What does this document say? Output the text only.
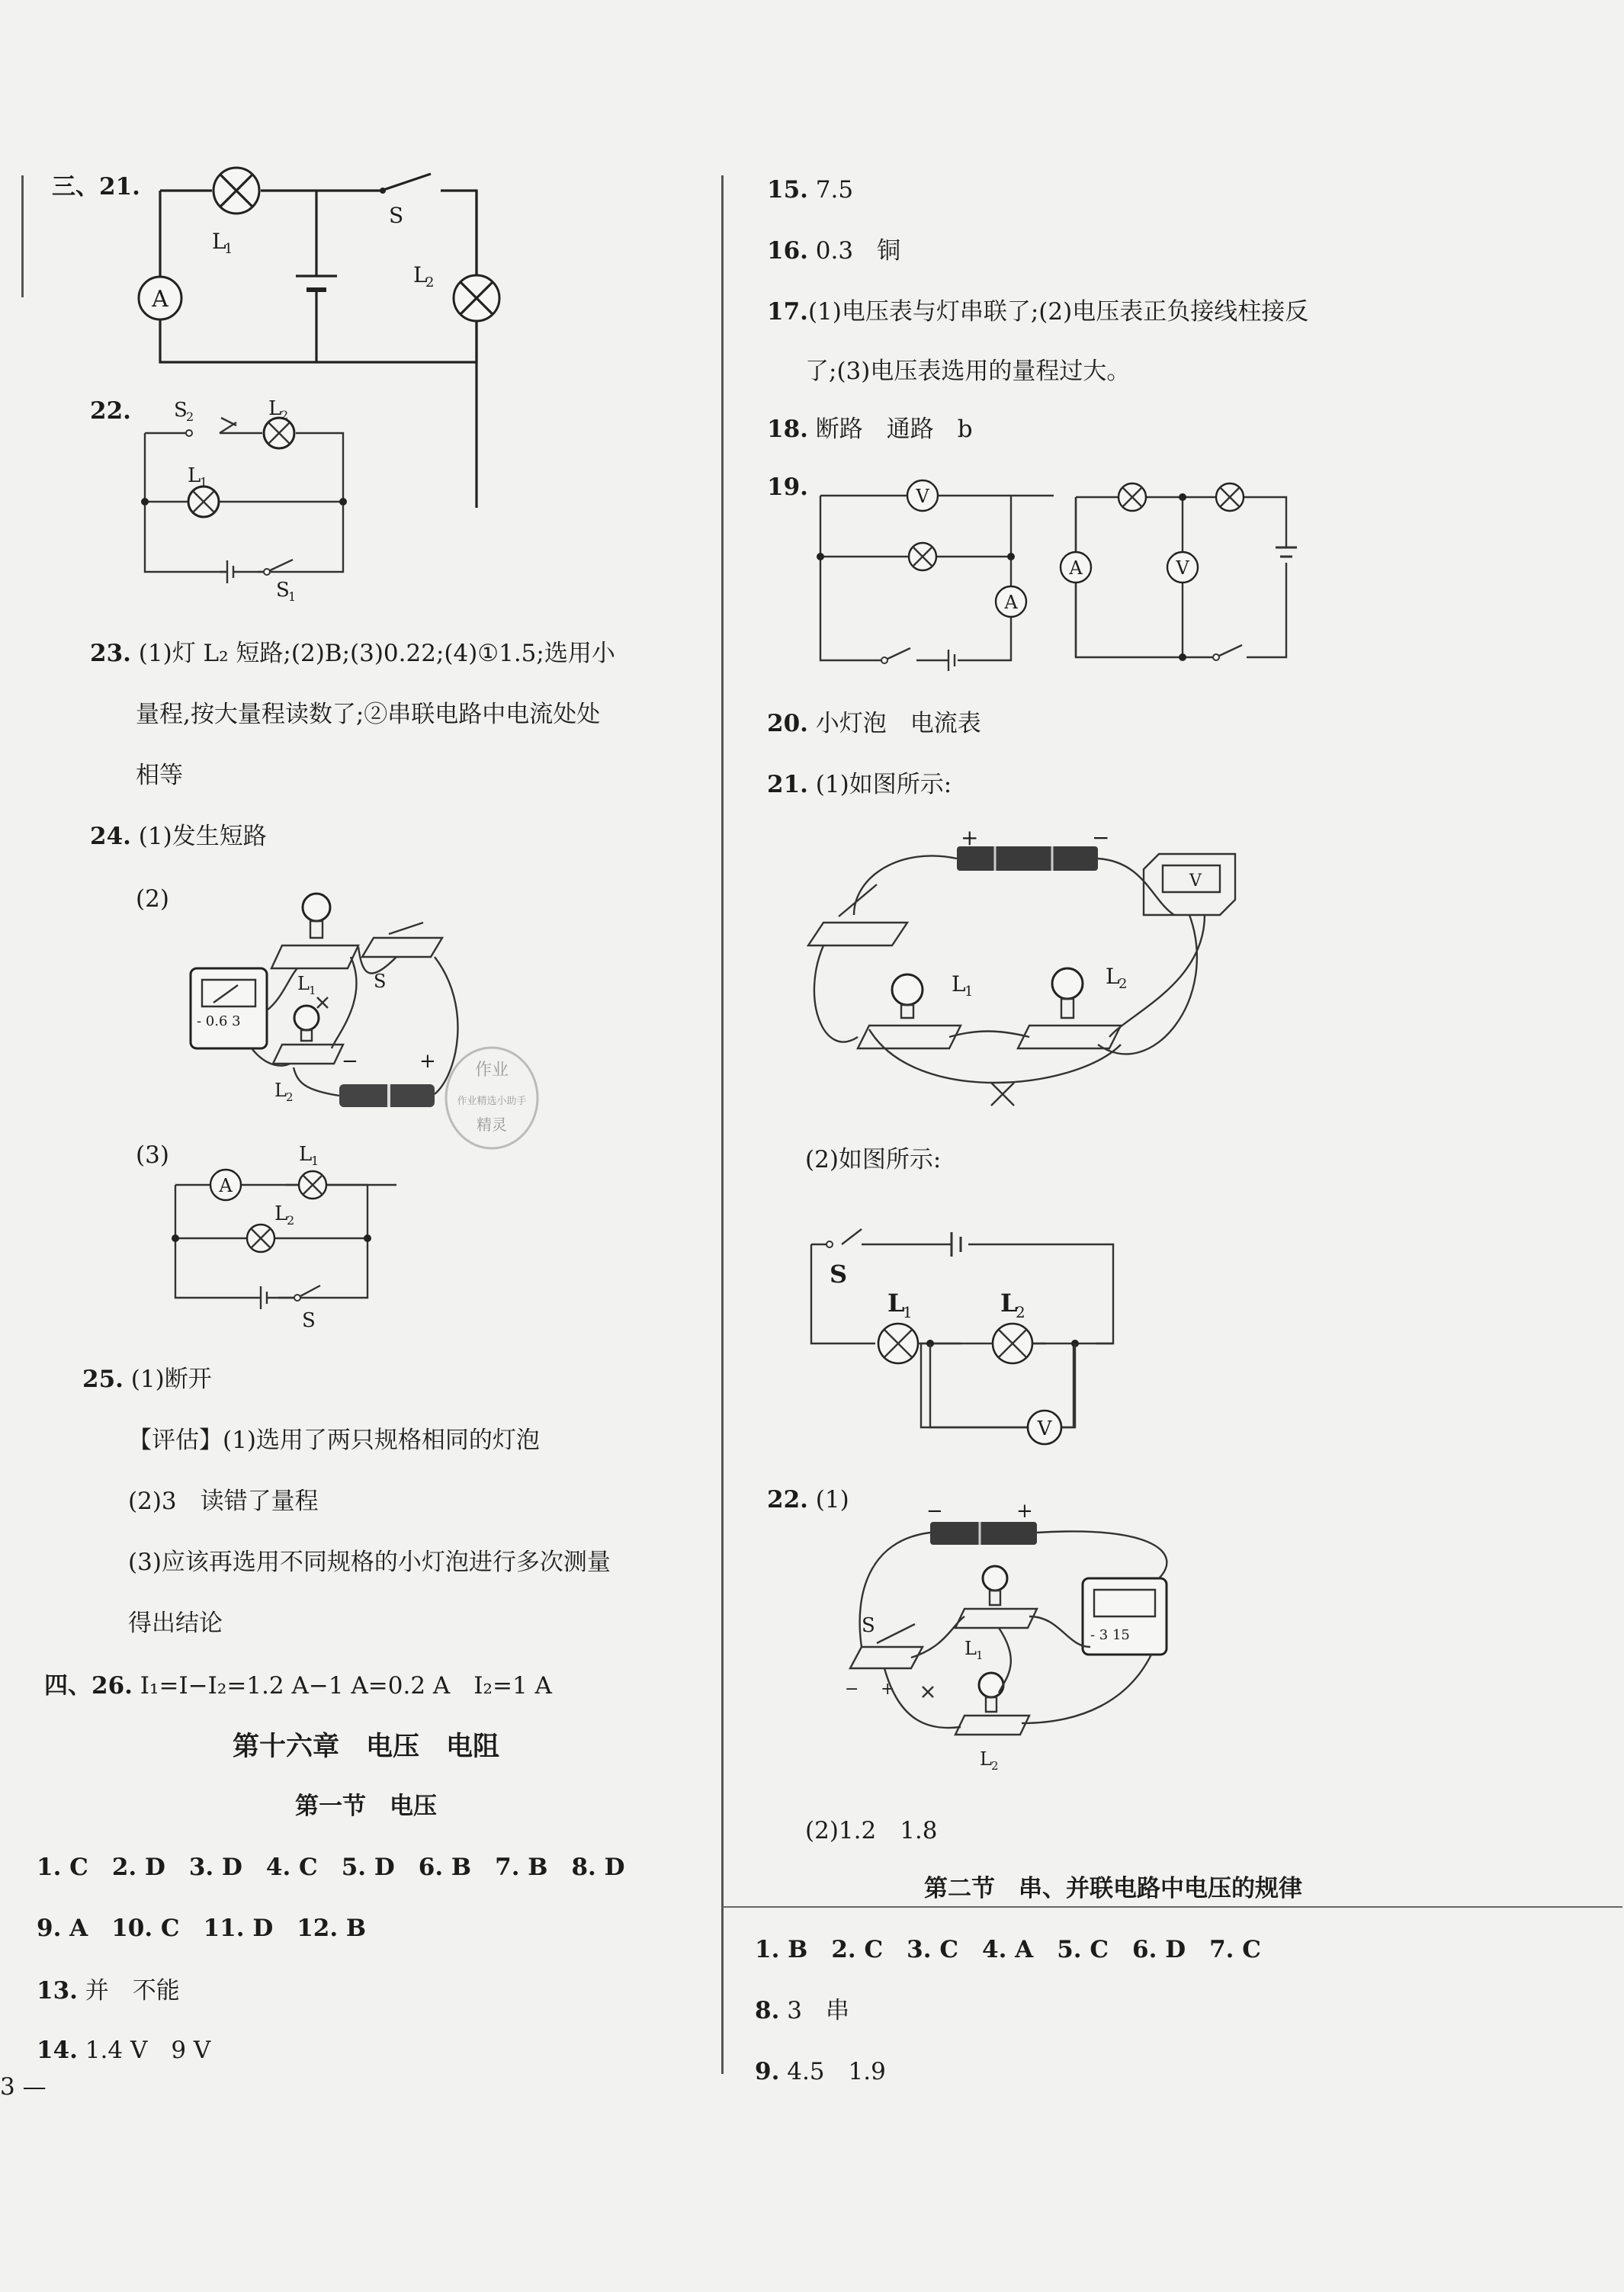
三、21.
A
L
1
S
L
2
22. S
2	L
2
L
1
S
1
23. (1)灯 L₂ 短路;(2)B;(3)0.22;(4)①1.5;选用小
量程,按大量程读数了;②串联电路中电流处处
相等
24. (1)发生短路
(2)
- 0.6 3
L 1	S
L 2
−	+ 作业
作业精选小助手
精灵
(3)
A
L
1
L
2
S
25. (1)断开
【评估】(1)选用了两只规格相同的灯泡
(2)3　读错了量程
(3)应该再选用不同规格的小灯泡进行多次测量
得出结论
四、26. I₁=I−I₂=1.2 A−1 A=0.2 A　I₂=1 A
第十六章　电压　电阻
第一节　电压
1. C　2. D　3. D　4. C　5. D　6. B　7. B　8. D
9. A　10. C　11. D　12. B
13. 并　不能
14. 1.4 V　9 V
3 —
15. 7.5
16. 0.3　铜
17.(1)电压表与灯串联了;(2)电压表正负接线柱接反
了;(3)电压表选用的量程过大。
18. 断路　通路　b
19.	V
A
A	V
20. 小灯泡　电流表
21. (1)如图所示:
+	−
V
L
1
L
2
(2)如图所示:
S
V
L
1	L
2
22. (1)	−	+
S
− +
L 1
- 3 15
L 2
(2)1.2　1.8
第二节　串、并联电路中电压的规律
1. B　2. C　3. C　4. A　5. C　6. D　7. C
8. 3　串
9. 4.5　1.9
